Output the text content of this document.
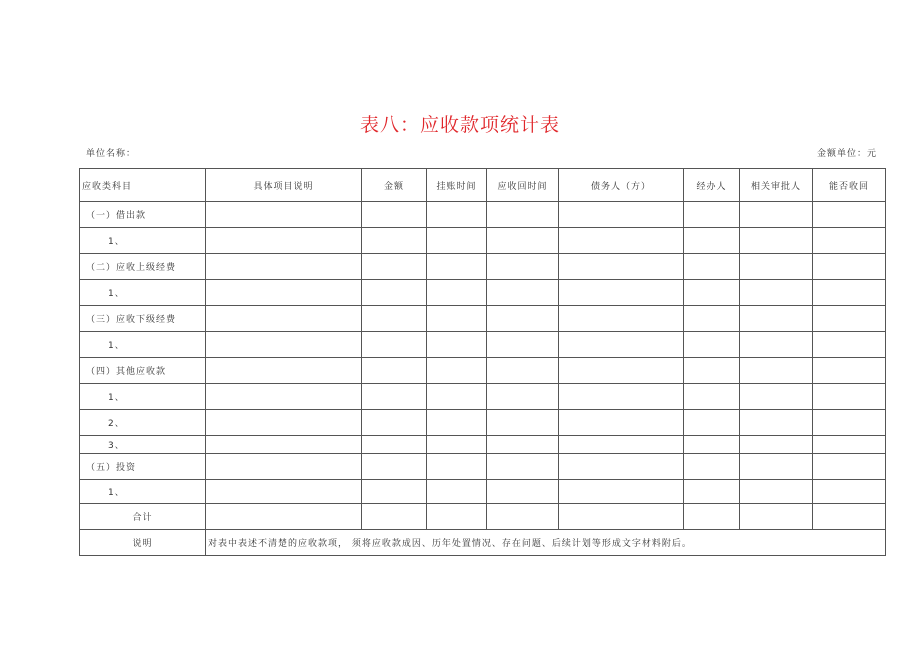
表八：应收款项统计表
单位名称：	金额单位：元
应收类科目	具体项目说明	金额	挂账时间	应收回时间	债务人（方）	经办人	相关审批人	能否收回
（一）借出款								
1、								
（二）应收上级经费								
1、								
（三）应收下级经费								
1、								
（四）其他应收款								
1、								
2、								
3、								
（五）投资								
1、								
合计								
说明	对表中表述不清楚的应收款项， 须将应收款成因、历年处置情况、存在问题、后续计划等形成文字材料附后。							
